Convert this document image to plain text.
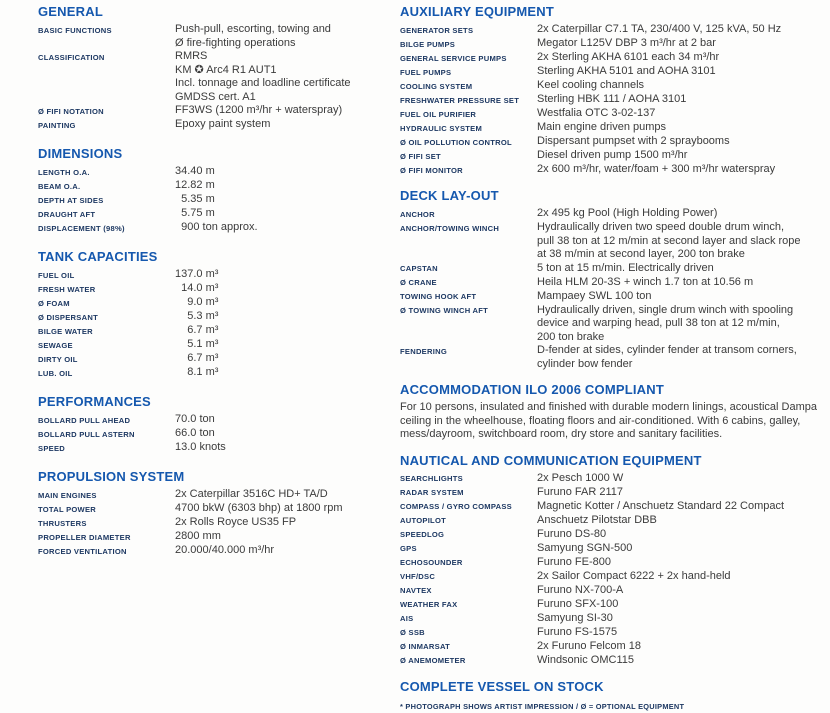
GENERAL
BASIC FUNCTIONS	Push-pull, escorting, towing and
Ø fire-fighting operations
CLASSIFICATION	RMRS
KM ✪ Arc4 R1 AUT1
Incl. tonnage and loadline certificate
GMDSS cert. A1
Ø FIFI NOTATION	FF3WS (1200 m³/hr + waterspray)
PAINTING	Epoxy paint system
DIMENSIONS
LENGTH O.A.	34.40 m
BEAM O.A.	12.82 m
DEPTH AT SIDES	5.35 m
DRAUGHT AFT	5.75 m
DISPLACEMENT (98%)	900 ton approx.
TANK CAPACITIES
FUEL OIL	137.0 m³
FRESH WATER	14.0 m³
Ø FOAM	9.0 m³
Ø DISPERSANT	5.3 m³
BILGE WATER	6.7 m³
SEWAGE	5.1 m³
DIRTY OIL	6.7 m³
LUB. OIL	8.1 m³
PERFORMANCES
BOLLARD PULL AHEAD	70.0 ton
BOLLARD PULL ASTERN	66.0 ton
SPEED	13.0 knots
PROPULSION SYSTEM
MAIN ENGINES	2x Caterpillar 3516C HD+ TA/D
TOTAL POWER	4700 bkW (6303 bhp) at 1800 rpm
THRUSTERS	2x Rolls Royce US35 FP
PROPELLER DIAMETER	2800 mm
FORCED VENTILATION	20.000/40.000 m³/hr
AUXILIARY EQUIPMENT
GENERATOR SETS	2x Caterpillar C7.1 TA, 230/400 V, 125 kVA, 50 Hz
BILGE PUMPS	Megator L125V DBP 3 m³/hr at 2 bar
GENERAL SERVICE PUMPS	2x Sterling AKHA 6101 each 34 m³/hr
FUEL PUMPS	Sterling AKHA 5101 and AOHA 3101
COOLING SYSTEM	Keel cooling channels
FRESHWATER PRESSURE SET	Sterling HBK 111 / AOHA 3101
FUEL OIL PURIFIER	Westfalia OTC 3-02-137
HYDRAULIC SYSTEM	Main engine driven pumps
Ø OIL POLLUTION CONTROL	Dispersant pumpset with 2 spraybooms
Ø FIFI SET	Diesel driven pump 1500 m³/hr
Ø FIFI MONITOR	2x 600 m³/hr, water/foam + 300 m³/hr waterspray
DECK LAY-OUT
ANCHOR	2x 495 kg Pool (High Holding Power)
ANCHOR/TOWING WINCH	Hydraulically driven two speed double drum winch,
pull 38 ton at 12 m/min at second layer and slack rope
at 38 m/min at second layer, 200 ton brake
CAPSTAN	5 ton at 15 m/min. Electrically driven
Ø CRANE	Heila HLM 20-3S + winch 1.7 ton at 10.56 m
TOWING HOOK AFT	Mampaey SWL 100 ton
Ø TOWING WINCH AFT	Hydraulically driven, single drum winch with spooling
device and warping head, pull 38 ton at 12 m/min,
200 ton brake
FENDERING	D-fender at sides, cylinder fender at transom corners,
cylinder bow fender
ACCOMMODATION ILO 2006 COMPLIANT

For 10 persons, insulated and finished with durable modern linings, acoustical Dampa ceiling in the wheelhouse, floating floors and air-conditioned. With 6 cabins, galley, mess/dayroom, switchboard room, dry store and sanitary facilities.

NAUTICAL AND COMMUNICATION EQUIPMENT
SEARCHLIGHTS	2x Pesch 1000 W
RADAR SYSTEM	Furuno FAR 2117
COMPASS / GYRO COMPASS	Magnetic Kotter / Anschuetz Standard 22 Compact
AUTOPILOT	Anschuetz Pilotstar DBB
SPEEDLOG	Furuno DS-80
GPS	Samyung SGN-500
ECHOSOUNDER	Furuno FE-800
VHF/DSC	2x Sailor Compact 6222 + 2x hand-held
NAVTEX	Furuno NX-700-A
WEATHER FAX	Furuno SFX-100
AIS	Samyung SI-30
Ø SSB	Furuno FS-1575
Ø INMARSAT	2x Furuno Felcom 18
Ø ANEMOMETER	Windsonic OMC115
COMPLETE VESSEL ON STOCK
* PHOTOGRAPH SHOWS ARTIST IMPRESSION / Ø = OPTIONAL EQUIPMENT
